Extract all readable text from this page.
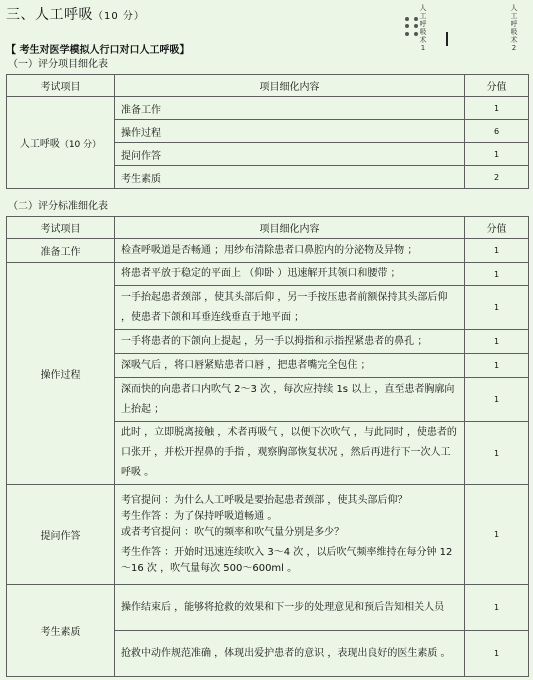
三、人工呼吸（10 分）
人工呼吸术1
人工呼吸术2
【 考生对医学模拟人行口对口人工呼吸】
（一）评分项目细化表
考试项目	项目细化内容	分值
人工呼吸（10 分）	准备工作	1
	操作过程	6
	提问作答	1
	考生素质	2
（二）评分标准细化表
考试项目	项目细化内容	分值
准备工作	检查呼吸道是否畅通 ；用纱布清除患者口鼻腔内的分泌物及异物 ；	1
操作过程	将患者平放于稳定的平面上 （仰卧 ）迅速解开其领口和腰带 ；	1
	一手抬起患者颈部 ，使其头部后仰 ，另一手按压患者前额保持其头部后仰 ，使患者下颌和耳垂连线垂直于地平面 ；	1
	一手将患者的下颌向上提起 ，另一手以拇指和示指捏紧患者的鼻孔 ；	1
	深吸气后 ，将口唇紧贴患者口唇 ，把患者嘴完全包住 ；	1
	深而快的向患者口内吹气 2～3 次 ，每次应持续 1s 以上 ，直至患者胸廓向上抬起 ；	1
	此时 ，立即脱离接触 ，术者再吸气 ，以便下次吹气 ，与此同时 ，使患者的口张开 ，并松开捏鼻的手指 ，观察胸部恢复状况 ，然后再进行下一次人工呼吸 。	1
提问作答	考官提问 ：为什么人工呼吸是要抬起患者颈部 ，使其头部后仰？
考生作答 ：为了保持呼吸道畅通 。
或者考官提问 ：吹气的频率和吹气量分别是多少？
考生作答 ：开始时迅速连续吹入 3～4 次 ，以后吹气频率维持在每分钟 12～16 次 ，吹气量每次 500～600ml 。	1
考生素质	操作结束后 ，能够将抢救的效果和下一步的处理意见和预后告知相关人员	1
	抢救中动作规范准确 ，体现出爱护患者的意识 ，表现出良好的医生素质 。	1
